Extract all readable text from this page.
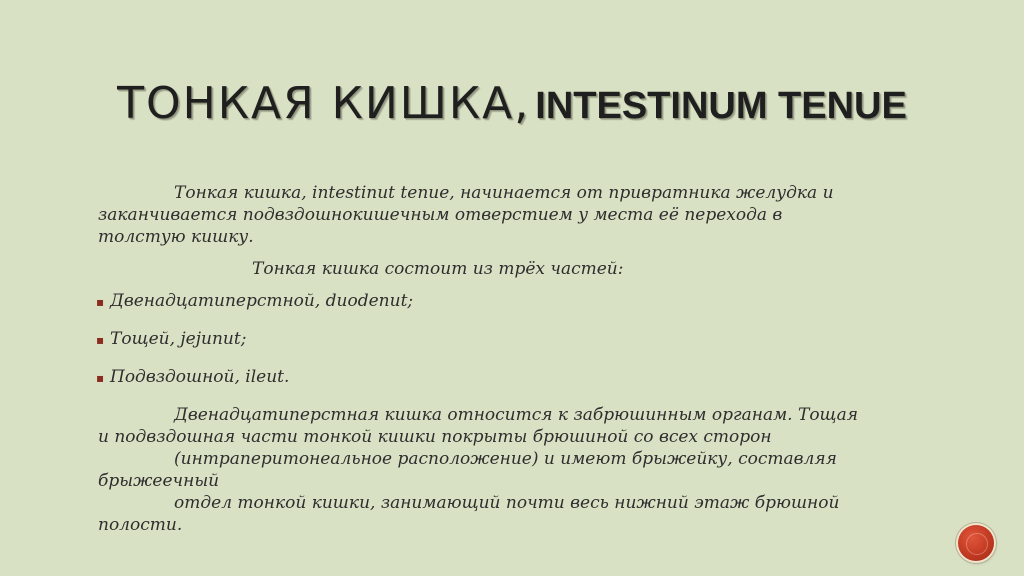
ТОНКАЯ КИШКА, INTESTINUM TENUE

Тонкая кишка, intestinut tenue, начинается от привратника желудка и

заканчивается подвздошнокишечным отверстием у места её перехода в

толстую кишку.

Тонкая кишка состоит из трёх частей:

▪ Двенадцатиперстной, duodenut;
▪ Тощей, jejunut;
▪ Подвздошной, ileut.

Двенадцатиперстная кишка относится к забрюшинным органам. Тощая

и подвздошная части тонкой кишки покрыты брюшиной со всех сторон

(интраперитонеальное расположение) и имеют брыжейку, составляя

брыжеечный

отдел тонкой кишки, занимающий почти весь нижний этаж брюшной

полости.
